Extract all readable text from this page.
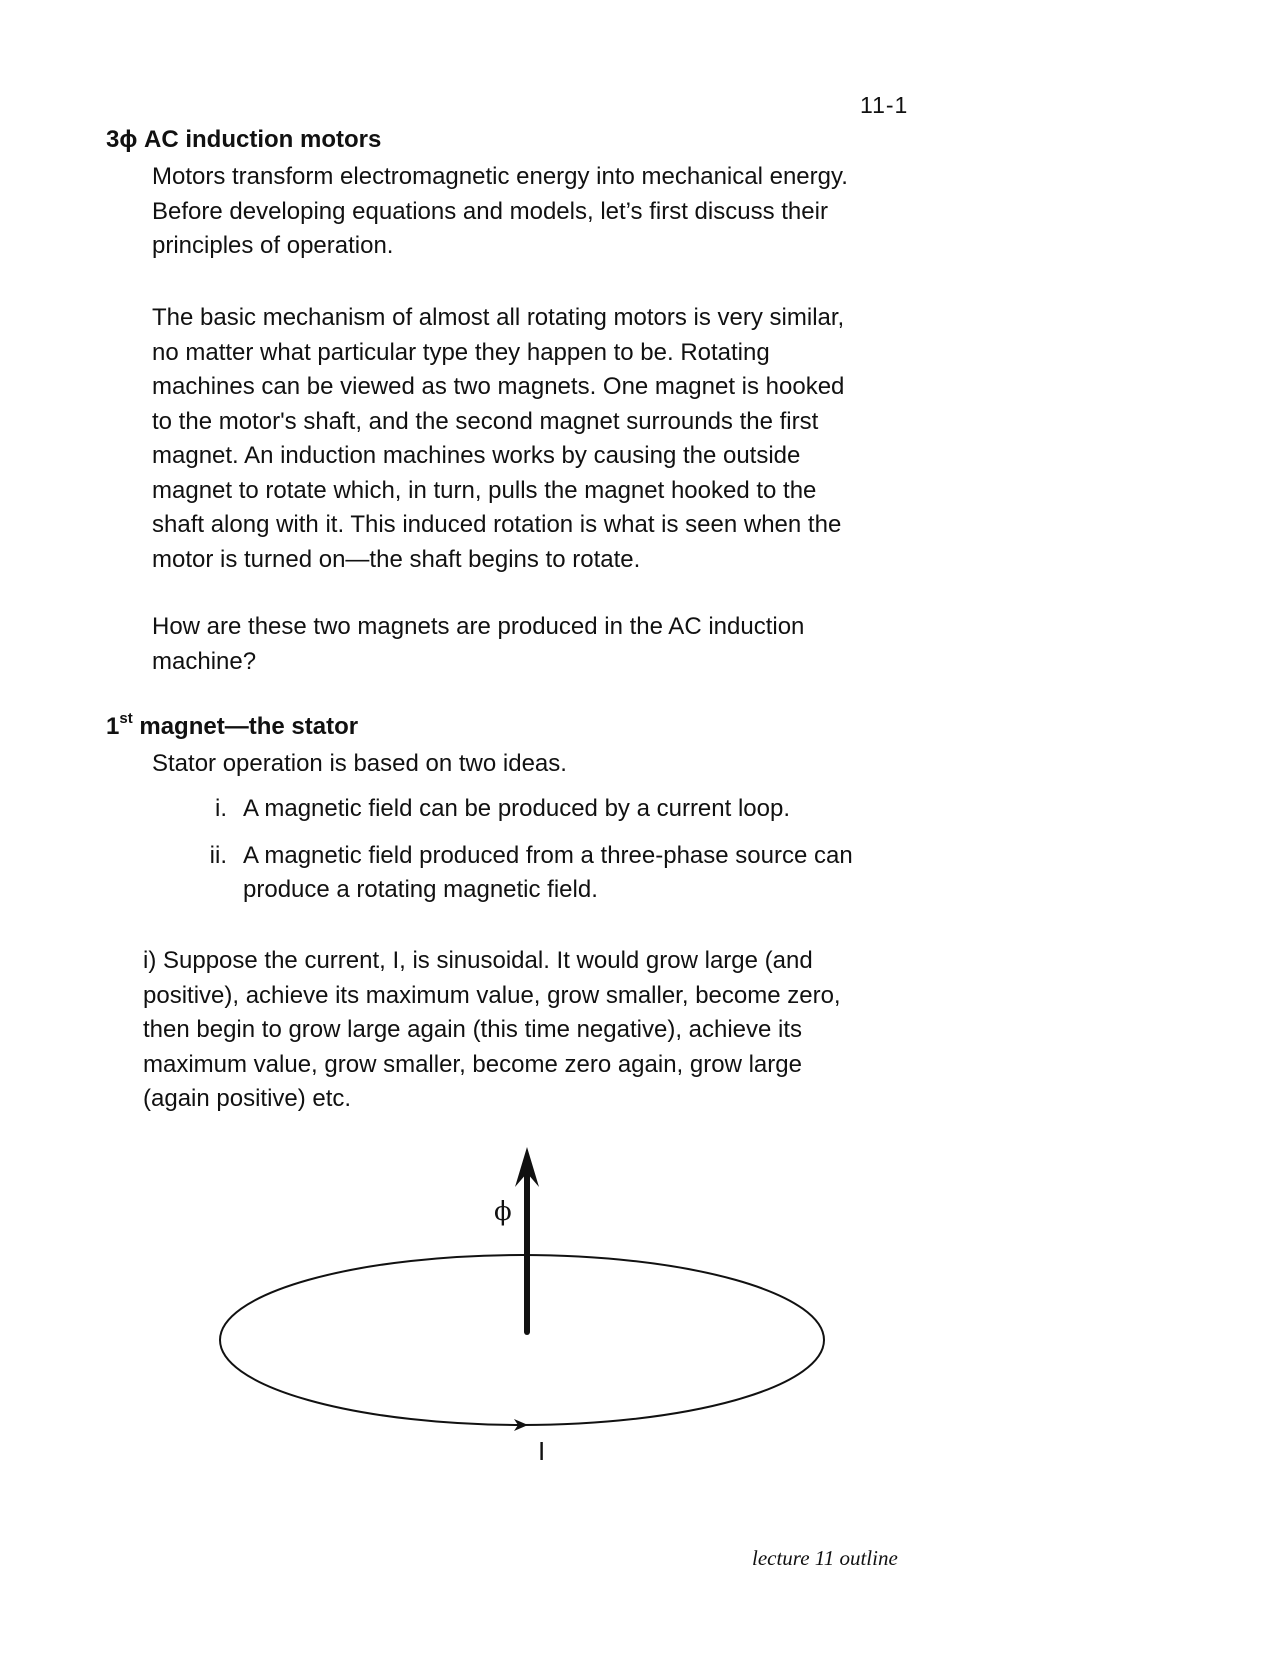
11-1
3ϕ AC induction motors
Motors transform electromagnetic energy into mechanical energy.
Before developing equations and models, let’s first discuss their
principles of operation.
The basic mechanism of almost all rotating motors is very similar,
no matter what particular type they happen to be. Rotating
machines can be viewed as two magnets. One magnet is hooked
to the motor's shaft, and the second magnet surrounds the first
magnet. An induction machines works by causing the outside
magnet to rotate which, in turn, pulls the magnet hooked to the
shaft along with it. This induced rotation is what is seen when the
motor is turned on—the shaft begins to rotate.
How are these two magnets are produced in the AC induction
machine?
1st magnet—the stator
Stator operation is based on two ideas.
i. A magnetic field can be produced by a current loop.
ii. A magnetic field produced from a three-phase source can
produce a rotating magnetic field.
i) Suppose the current, I, is sinusoidal. It would grow large (and
positive), achieve its maximum value, grow smaller, become zero,
then begin to grow large again (this time negative), achieve its
maximum value, grow smaller, become zero again, grow large
(again positive) etc.
ϕ
I
lecture 11 outline
